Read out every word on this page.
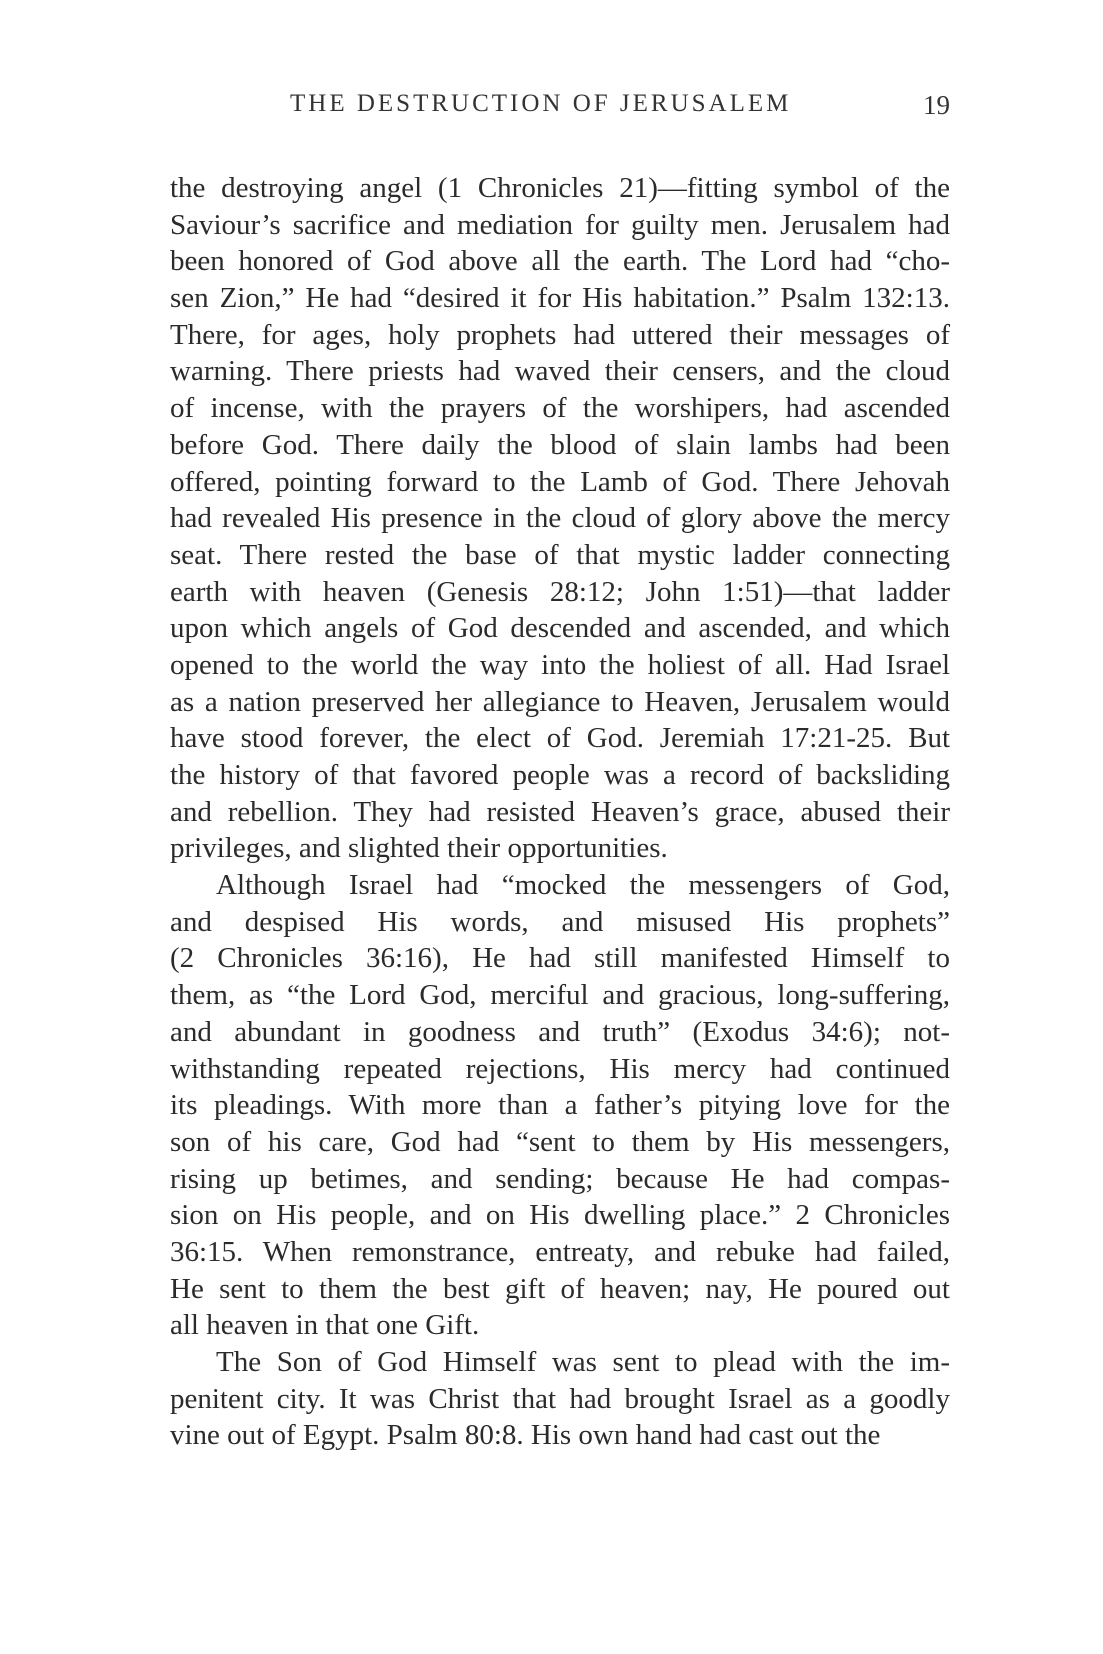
THE DESTRUCTION OF JERUSALEM	19
the destroying angel (1 Chronicles 21)—fitting symbol of the
Saviour’s sacrifice and mediation for guilty men. Jerusalem had
been honored of God above all the earth. The Lord had “cho-
sen Zion,” He had “desired it for His habitation.” Psalm 132:13.
There, for ages, holy prophets had uttered their messages of
warning. There priests had waved their censers, and the cloud
of incense, with the prayers of the worshipers, had ascended
before God. There daily the blood of slain lambs had been
offered, pointing forward to the Lamb of God. There Jehovah
had revealed His presence in the cloud of glory above the mercy
seat. There rested the base of that mystic ladder connecting
earth with heaven (Genesis 28:12; John 1:51)—that ladder
upon which angels of God descended and ascended, and which
opened to the world the way into the holiest of all. Had Israel
as a nation preserved her allegiance to Heaven, Jerusalem would
have stood forever, the elect of God. Jeremiah 17:21-25. But
the history of that favored people was a record of backsliding
and rebellion. They had resisted Heaven’s grace, abused their
privileges, and slighted their opportunities.
Although Israel had “mocked the messengers of God,
and despised His words, and misused His prophets”
(2 Chronicles 36:16), He had still manifested Himself to
them, as “the Lord God, merciful and gracious, long-suffering,
and abundant in goodness and truth” (Exodus 34:6); not-
withstanding repeated rejections, His mercy had continued
its pleadings. With more than a father’s pitying love for the
son of his care, God had “sent to them by His messengers,
rising up betimes, and sending; because He had compas-
sion on His people, and on His dwelling place.” 2 Chronicles
36:15. When remonstrance, entreaty, and rebuke had failed,
He sent to them the best gift of heaven; nay, He poured out
all heaven in that one Gift.
The Son of God Himself was sent to plead with the im-
penitent city. It was Christ that had brought Israel as a goodly
vine out of Egypt. Psalm 80:8. His own hand had cast out the
